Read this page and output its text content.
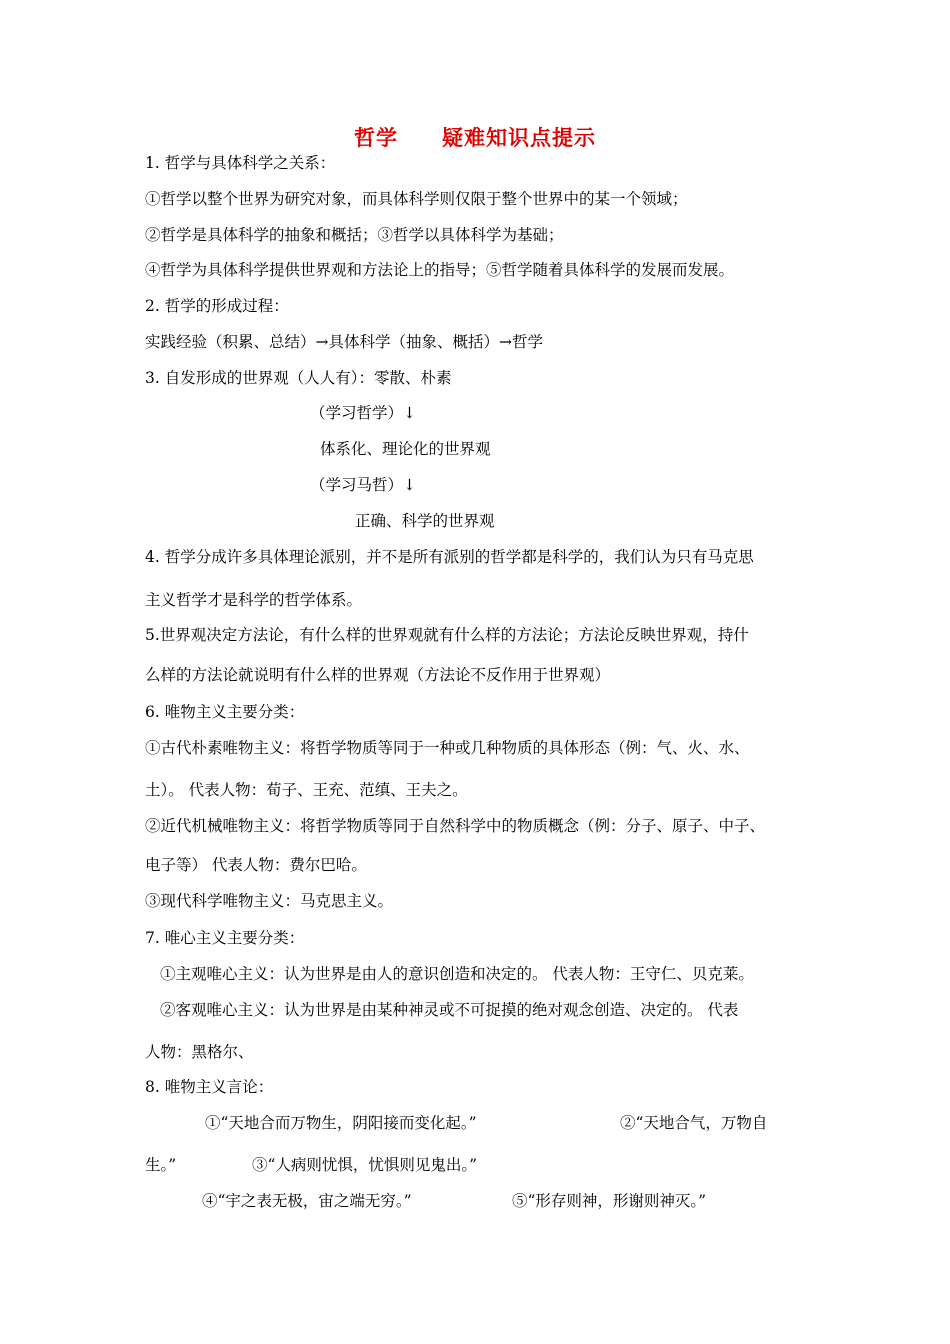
哲学 疑难知识点提示
1. 哲学与具体科学之关系：
①哲学以整个世界为研究对象，而具体科学则仅限于整个世界中的某一个领域；
②哲学是具体科学的抽象和概括；③哲学以具体科学为基础；
④哲学为具体科学提供世界观和方法论上的指导；⑤哲学随着具体科学的发展而发展。
2. 哲学的形成过程：
实践经验（积累、总结）→具体科学（抽象、概括）→哲学
3. 自发形成的世界观（人人有）：零散、朴素
（学习哲学）↓
体系化、理论化的世界观
（学习马哲）↓
正确、科学的世界观
4. 哲学分成许多具体理论派别，并不是所有派别的哲学都是科学的，我们认为只有马克思
主义哲学才是科学的哲学体系。
5.世界观决定方法论，有什么样的世界观就有什么样的方法论；方法论反映世界观，持什
么样的方法论就说明有什么样的世界观（方法论不反作用于世界观）
6. 唯物主义主要分类：
①古代朴素唯物主义：将哲学物质等同于一种或几种物质的具体形态（例：气、火、水、
土）。 代表人物：荀子、王充、范缜、王夫之。
②近代机械唯物主义：将哲学物质等同于自然科学中的物质概念（例：分子、原子、中子、
电子等） 代表人物：费尔巴哈。
③现代科学唯物主义：马克思主义。
7. 唯心主义主要分类：
①主观唯心主义：认为世界是由人的意识创造和决定的。 代表人物：王守仁、贝克莱。
②客观唯心主义：认为世界是由某种神灵或不可捉摸的绝对观念创造、决定的。 代表
人物：黑格尔、
8. 唯物主义言论：
①“天地合而万物生，阴阳接而变化起。”	②“天地合气，万物自
生。”	③“人病则忧惧，忧惧则见鬼出。”
④“宇之表无极，宙之端无穷。”	⑤“形存则神，形谢则神灭。”
